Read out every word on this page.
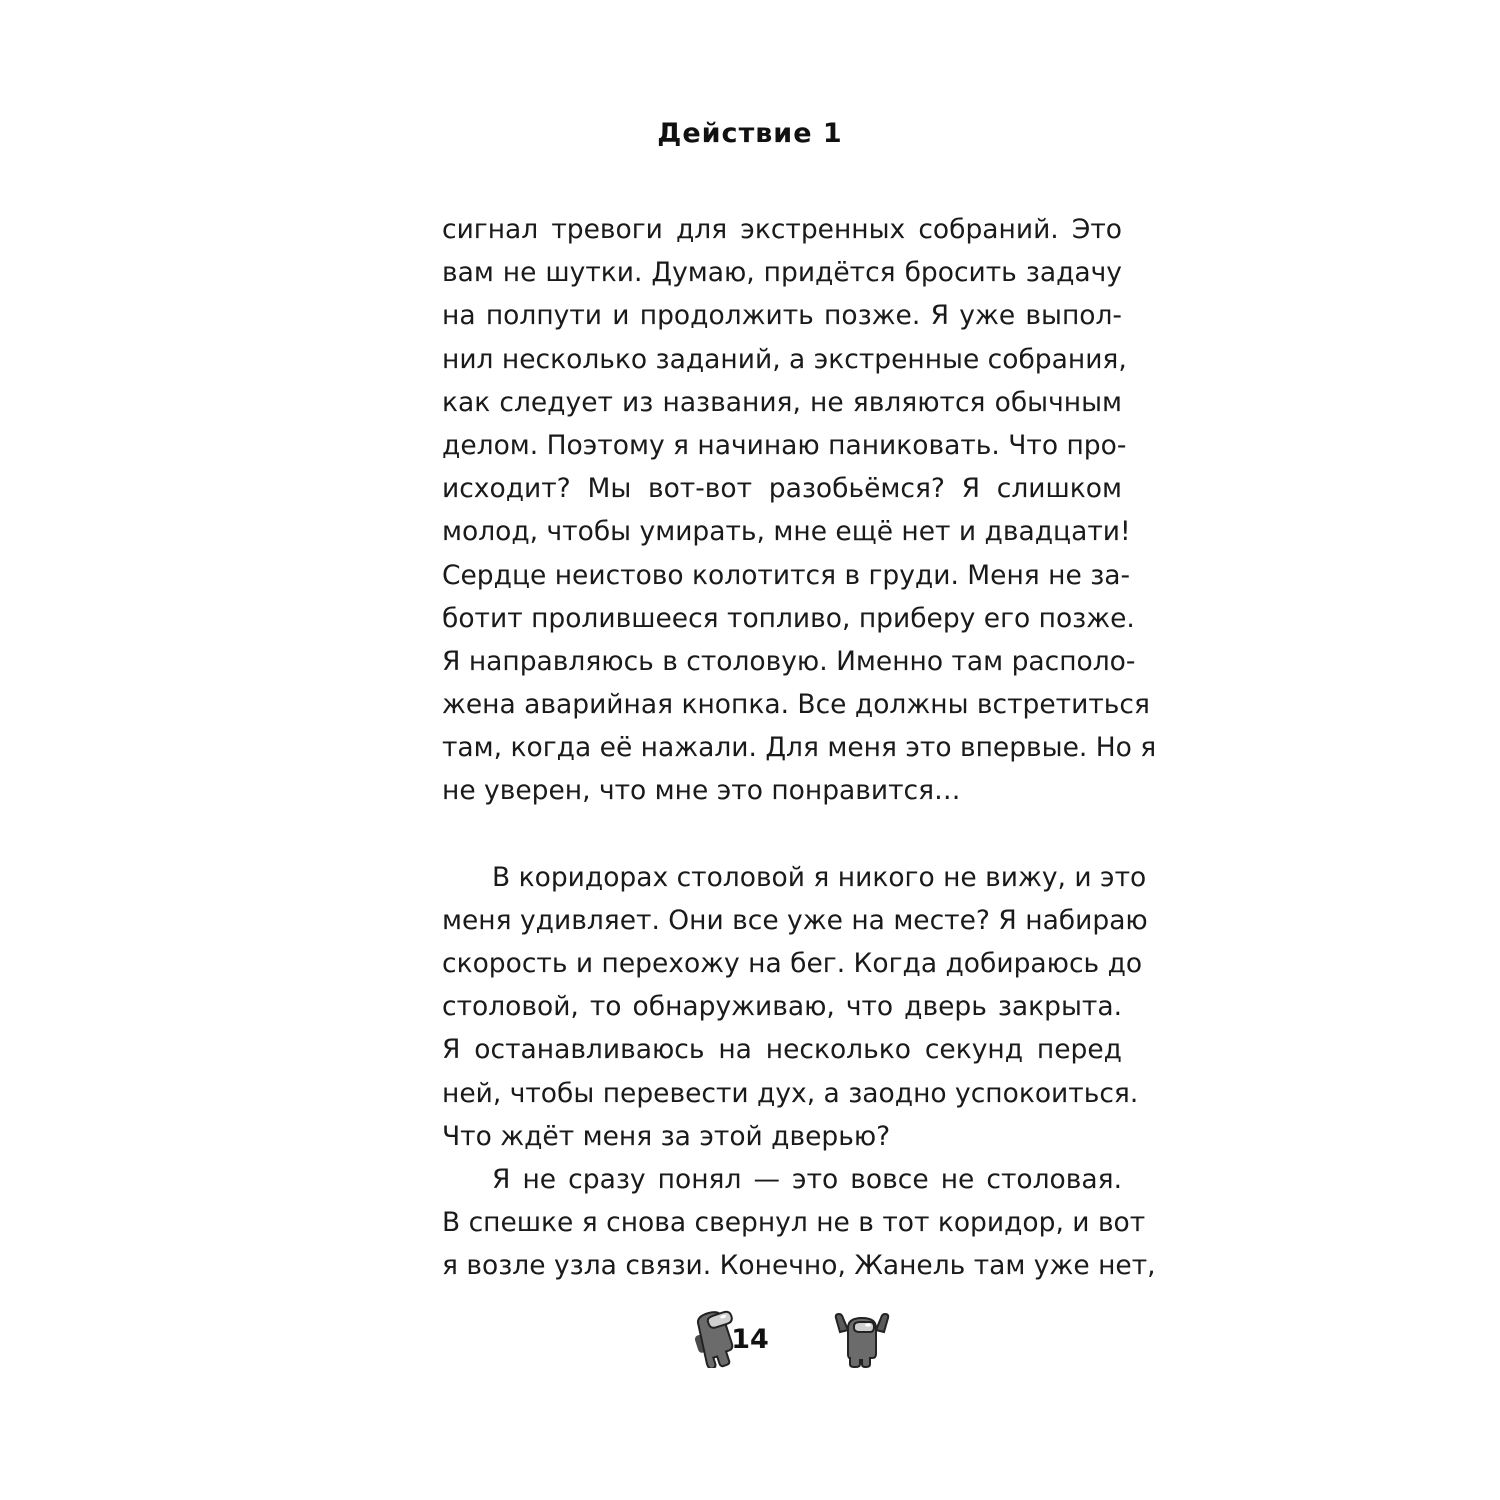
Действие 1
сигнал тревоги для экстренных собраний. Это
вам не шутки. Думаю, придётся бросить задачу
на полпути и продолжить позже. Я уже выпол-
нил несколько заданий, а экстренные собрания,
как следует из названия, не являются обычным
делом. Поэтому я начинаю паниковать. Что про-
исходит? Мы вот-вот разобьёмся? Я слишком
молод, чтобы умирать, мне ещё нет и двадцати!
Сердце неистово колотится в груди. Меня не за-
ботит пролившееся топливо, приберу его позже.
Я направляюсь в столовую. Именно там располо-
жена аварийная кнопка. Все должны встретиться
там, когда её нажали. Для меня это впервые. Но я
не уверен, что мне это понравится…
В коридорах столовой я никого не вижу, и это
меня удивляет. Они все уже на месте? Я набираю
скорость и перехожу на бег. Когда добираюсь до
столовой, то обнаруживаю, что дверь закрыта.
Я останавливаюсь на несколько секунд перед
ней, чтобы перевести дух, а заодно успокоиться.
Что ждёт меня за этой дверью?
Я не сразу понял — это вовсе не столовая.
В спешке я снова свернул не в тот коридор, и вот
я возле узла связи. Конечно, Жанель там уже нет,
14
